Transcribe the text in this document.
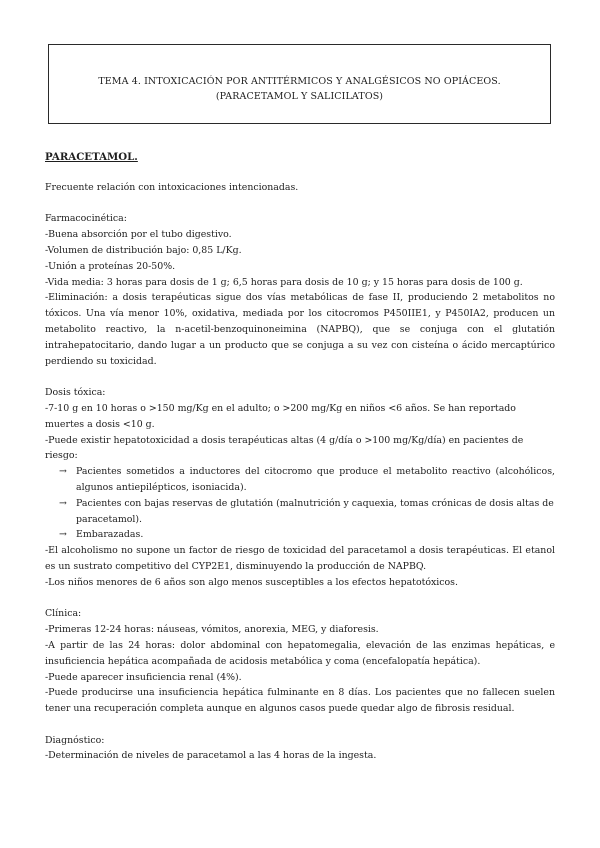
TEMA 4. INTOXICACIÓN POR ANTITÉRMICOS Y ANALGÉSICOS NO OPIÁCEOS.
(PARACETAMOL Y SALICILATOS)

PARACETAMOL.

Frecuente relación con intoxicaciones intencionadas.

Farmacocinética:

-Buena absorción por el tubo digestivo.

-Volumen de distribución bajo: 0,85 L/Kg.

-Unión a proteínas 20-50%.

-Vida media: 3 horas para dosis de 1 g; 6,5 horas para dosis de 10 g; y 15 horas para dosis de 100 g.

-Eliminación: a dosis terapéuticas sigue dos vías metabólicas de fase II, produciendo 2 metabolitos no tóxicos. Una vía menor 10%, oxidativa, mediada por los citocromos P450IIE1, y P450IA2, producen un metabolito reactivo, la n-acetil-benzoquinoneimina (NAPBQ), que se conjuga con el glutatión intrahepatocitario, dando lugar a un producto que se conjuga a su vez con cisteína o ácido mercaptúrico perdiendo su toxicidad.

Dosis tóxica:

-7-10 g en 10 horas o >150 mg/Kg en el adulto; o >200 mg/Kg en niños <6 años. Se han reportado muertes a dosis <10 g.

-Puede existir hepatotoxicidad a dosis terapéuticas altas (4 g/día o >100 mg/Kg/día) en pacientes de riesgo:

→ Pacientes sometidos a inductores del citocromo que produce el metabolito reactivo (alcohólicos, algunos antiepilépticos, isoniacida).
→ Pacientes con bajas reservas de glutatión (malnutrición y caquexia, tomas crónicas de dosis altas de paracetamol).
→ Embarazadas.

-El alcoholismo no supone un factor de riesgo de toxicidad del paracetamol a dosis terapéuticas. El etanol es un sustrato competitivo del CYP2E1, disminuyendo la producción de NAPBQ.

-Los niños menores de 6 años son algo menos susceptibles a los efectos hepatotóxicos.

Clínica:

-Primeras 12-24 horas: náuseas, vómitos, anorexia, MEG, y diaforesis.

-A partir de las 24 horas: dolor abdominal con hepatomegalia, elevación de las enzimas hepáticas, e insuficiencia hepática acompañada de acidosis metabólica y coma (encefalopatía hepática).

-Puede aparecer insuficiencia renal (4%).

-Puede producirse una insuficiencia hepática fulminante en 8 días. Los pacientes que no fallecen suelen tener una recuperación completa aunque en algunos casos puede quedar algo de fibrosis residual.

Diagnóstico:

-Determinación de niveles de paracetamol a las 4 horas de la ingesta.
